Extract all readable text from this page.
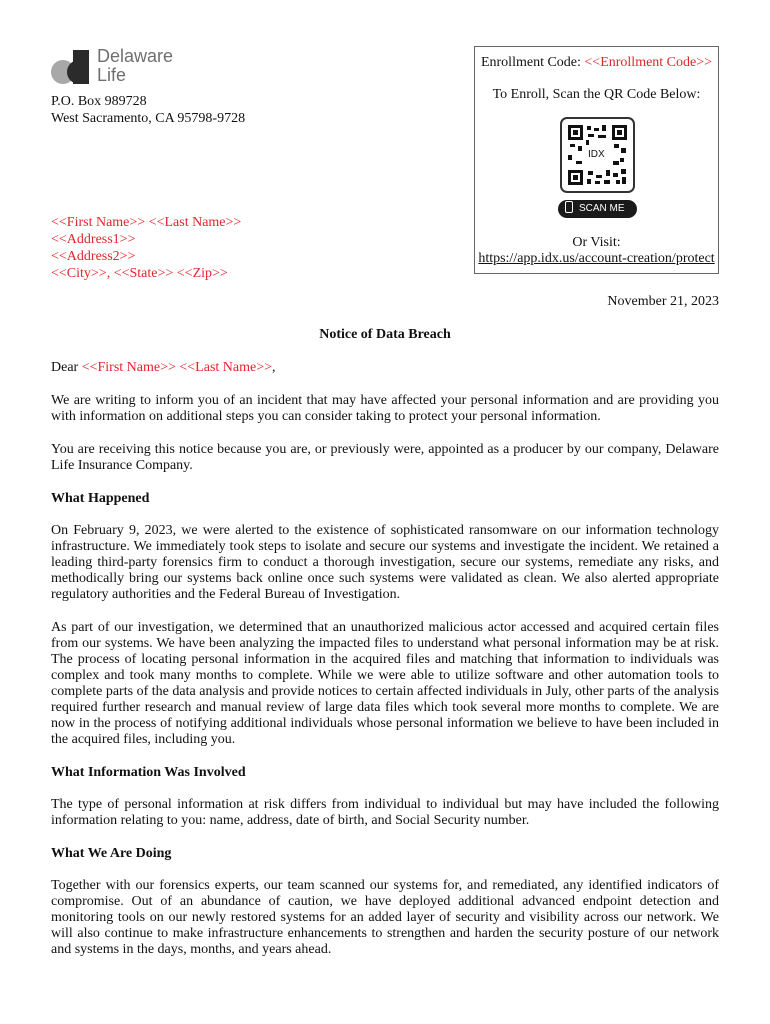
Delaware
Life
P.O. Box 989728
West Sacramento, CA 95798-9728
<<First Name>> <<Last Name>>
<<Address1>>
<<Address2>>
<<City>>, <<State>> <<Zip>>
Enrollment Code: <<Enrollment Code>>
To Enroll, Scan the QR Code Below:
IDX
SCAN ME
Or Visit:
https://app.idx.us/account-creation/protect
November 21, 2023
Notice of Data Breach

Dear <<First Name>> <<Last Name>>,

We are writing to inform you of an incident that may have affected your personal information and are providing you with information on additional steps you can consider taking to protect your personal information.

You are receiving this notice because you are, or previously were, appointed as a producer by our company, Delaware Life Insurance Company.

What Happened

On February 9, 2023, we were alerted to the existence of sophisticated ransomware on our information technology infrastructure. We immediately took steps to isolate and secure our systems and investigate the incident. We retained a leading third-party forensics firm to conduct a thorough investigation, secure our systems, remediate any risks, and methodically bring our systems back online once such systems were validated as clean. We also alerted appropriate regulatory authorities and the Federal Bureau of Investigation.

As part of our investigation, we determined that an unauthorized malicious actor accessed and acquired certain files from our systems. We have been analyzing the impacted files to understand what personal information may be at risk. The process of locating personal information in the acquired files and matching that information to individuals was complex and took many months to complete. While we were able to utilize software and other automation tools to complete parts of the data analysis and provide notices to certain affected individuals in July, other parts of the analysis required further research and manual review of large data files which took several more months to complete. We are now in the process of notifying additional individuals whose personal information we believe to have been included in the acquired files, including you.

What Information Was Involved

The type of personal information at risk differs from individual to individual but may have included the following information relating to you: name, address, date of birth, and Social Security number.

What We Are Doing

Together with our forensics experts, our team scanned our systems for, and remediated, any identified indicators of compromise. Out of an abundance of caution, we have deployed additional advanced endpoint detection and monitoring tools on our newly restored systems for an added layer of security and visibility across our network. We will also continue to make infrastructure enhancements to strengthen and harden the security posture of our network and systems in the days, months, and years ahead.
